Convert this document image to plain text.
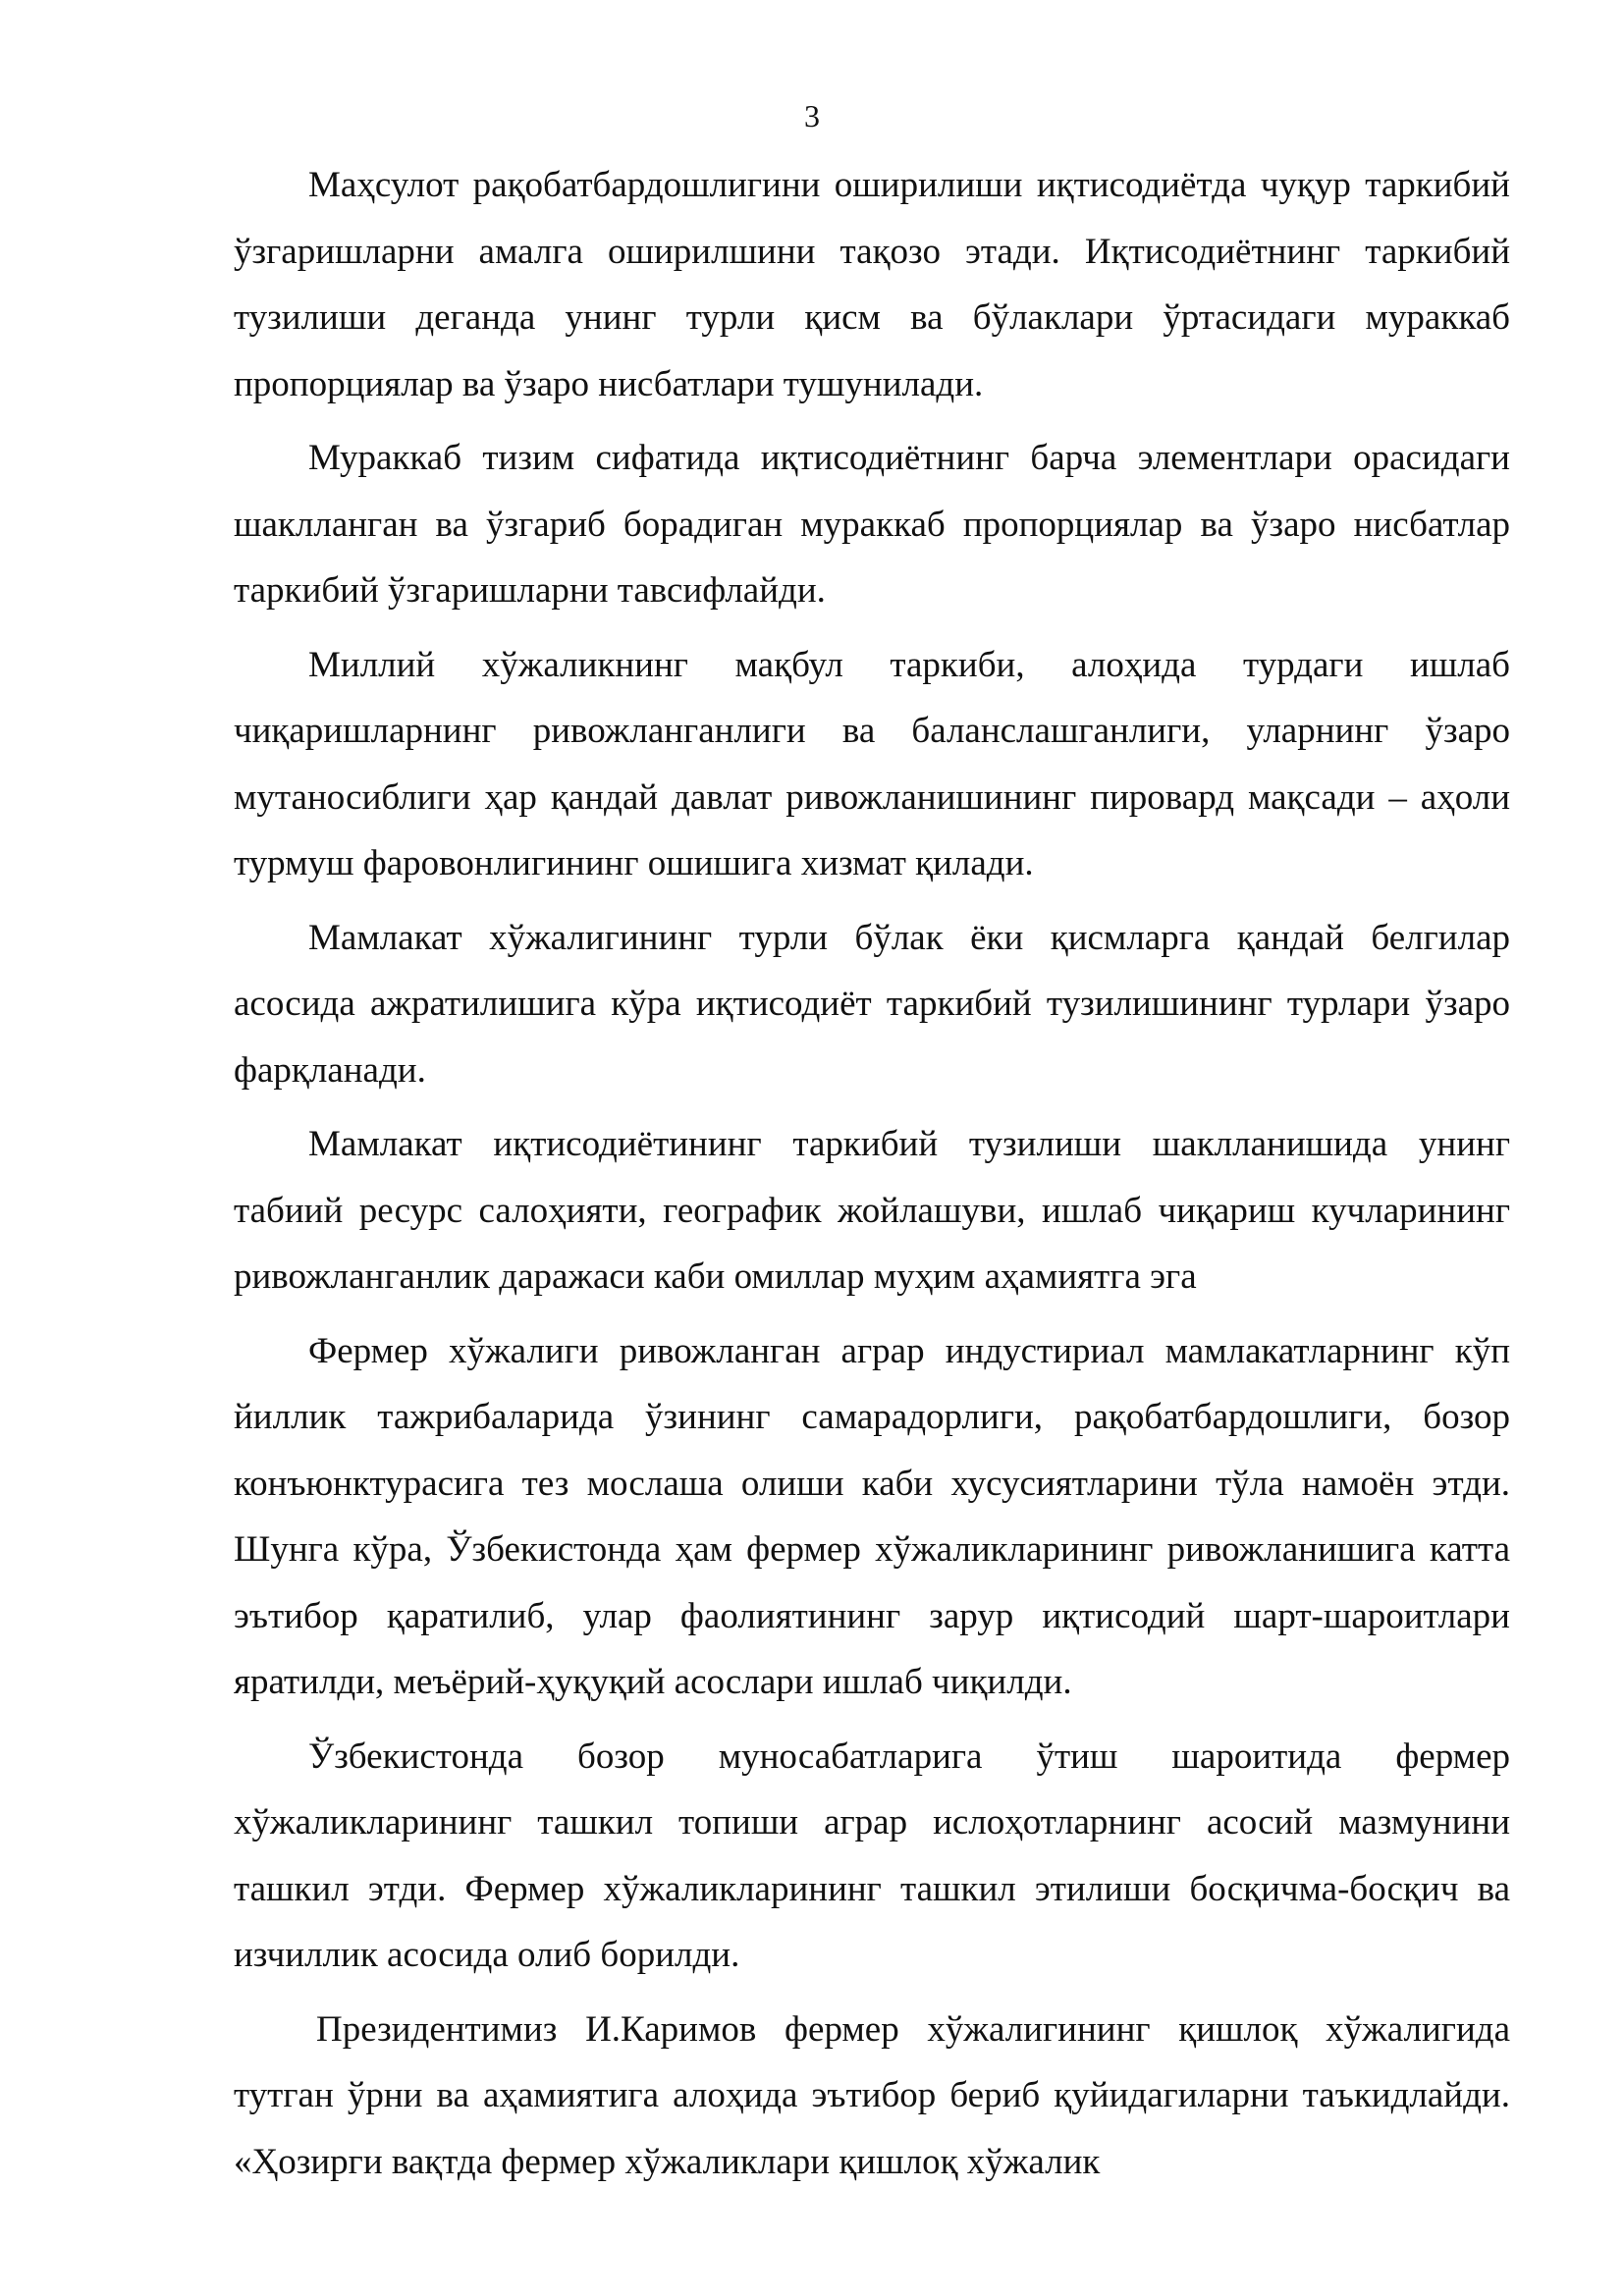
3

Маҳсулот рақобатбардошлигини оширилиши иқтисодиётда чуқур таркибий ўзгаришларни амалга оширилшини тақозо этади. Иқтисодиётнинг таркибий тузилиши деганда унинг турли қисм ва бўлаклари ўртасидаги мураккаб пропорциялар ва ўзаро нисбатлари тушунилади.

Мураккаб тизим сифатида иқтисодиётнинг барча элементлари орасидаги шаклланган ва ўзгариб борадиган мураккаб пропорциялар ва ўзаро нисбатлар таркибий ўзгаришларни тавсифлайди.

Миллий хўжаликнинг мақбул таркиби, алоҳида турдаги ишлаб чиқаришларнинг ривожланганлиги ва баланслашганлиги, уларнинг ўзаро мутаносиблиги ҳар қандай давлат ривожланишининг пировард мақсади – аҳоли турмуш фаровонлигининг ошишига хизмат қилади.

Мамлакат хўжалигининг турли бўлак ёки қисмларга қандай белгилар асосида ажратилишига кўра иқтисодиёт таркибий тузилишининг турлари ўзаро фарқланади.

Мамлакат иқтисодиётининг таркибий тузилиши шаклланишида унинг табиий ресурс салоҳияти, географик жойлашуви, ишлаб чиқариш кучларининг ривожланганлик даражаси каби омиллар муҳим аҳамиятга эга

Фермер хўжалиги ривожланган аграр индустириал мамлакатларнинг кўп йиллик тажрибаларида ўзининг самарадорлиги, рақобатбардошлиги, бозор конъюнктурасига тез мослаша олиши каби хусусиятларини тўла намоён этди. Шунга кўра, Ўзбекистонда ҳам фермер хўжаликларининг ривожланишига катта эътибор қаратилиб, улар фаолиятининг зарур иқтисодий шарт-шароитлари яратилди, меъёрий-ҳуқуқий асослари ишлаб чиқилди.

Ўзбекистонда бозор муносабатларига ўтиш шароитида фермер хўжаликларининг ташкил топиши аграр ислоҳотларнинг асосий мазмунини ташкил этди. Фермер хўжаликларининг ташкил этилиши босқичма-босқич ва изчиллик асосида олиб борилди.

Президентимиз И.Каримов фермер хўжалигининг қишлоқ хўжалигида тутган ўрни ва аҳамиятига алоҳида эътибор бериб қуйидагиларни таъкидлайди. «Ҳозирги вақтда фермер хўжаликлари қишлоқ хўжалик
